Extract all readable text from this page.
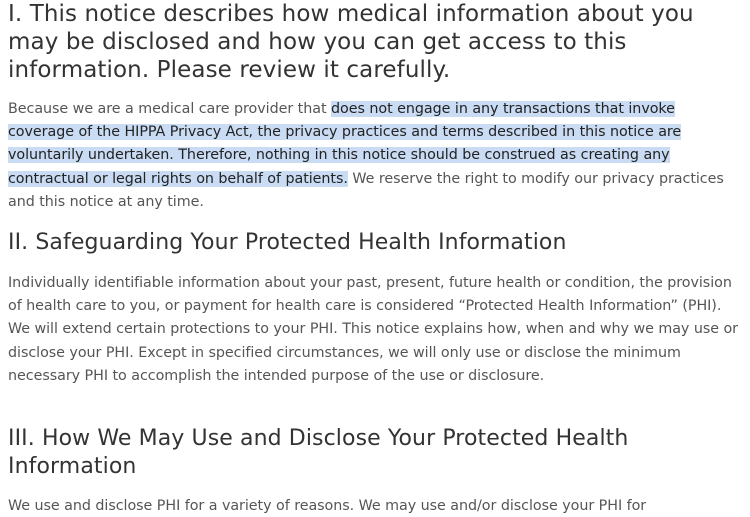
I. This notice describes how medical information about you may be disclosed and how you can get access to this information. Please review it carefully.

Because we are a medical care provider that does not engage in any transactions that invoke coverage of the HIPPA Privacy Act, the privacy practices and terms described in this notice are voluntarily undertaken. Therefore, nothing in this notice should be construed as creating any contractual or legal rights on behalf of patients. We reserve the right to modify our privacy practices and this notice at any time.

II. Safeguarding Your Protected Health Information

Individually identifiable information about your past, present, future health or condition, the provision of health care to you, or payment for health care is considered “Protected Health Information” (PHI). We will extend certain protections to your PHI. This notice explains how, when and why we may use or disclose your PHI. Except in specified circumstances, we will only use or disclose the minimum necessary PHI to accomplish the intended purpose of the use or disclosure.

III. How We May Use and Disclose Your Protected Health Information

We use and disclose PHI for a variety of reasons. We may use and/or disclose your PHI for
